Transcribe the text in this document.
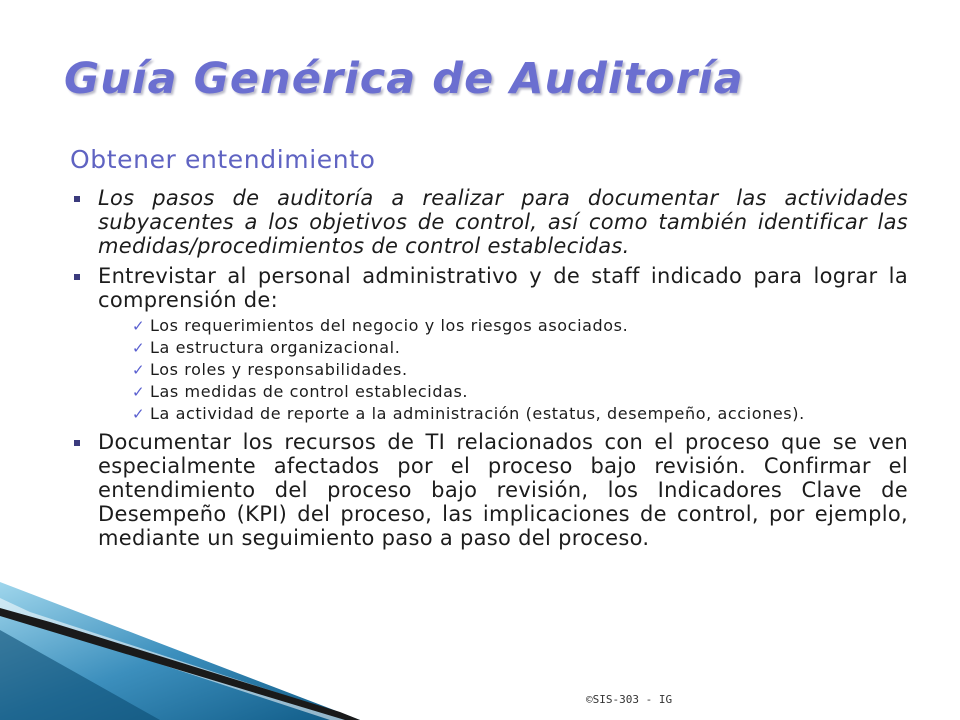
Guía Genérica de Auditoría
Obtener entendimiento
Los pasos de auditoría a realizar para documentar las actividades subyacentes a los objetivos de control, así como también identificar las medidas/procedimientos de control establecidas.
Entrevistar al personal administrativo y de staff indicado para lograr la comprensión de:
✓ Los requerimientos del negocio y los riesgos asociados.
✓ La estructura organizacional.
✓ Los roles y responsabilidades.
✓ Las medidas de control establecidas.
✓ La actividad de reporte a la administración (estatus, desempeño, acciones).
Documentar los recursos de TI relacionados con el proceso que se ven especialmente afectados por el proceso bajo revisión. Confirmar el entendimiento del proceso bajo revisión, los Indicadores Clave de Desempeño (KPI) del proceso, las implicaciones de control, por ejemplo, mediante un seguimiento paso a paso del proceso.
©SIS-303 - IG
